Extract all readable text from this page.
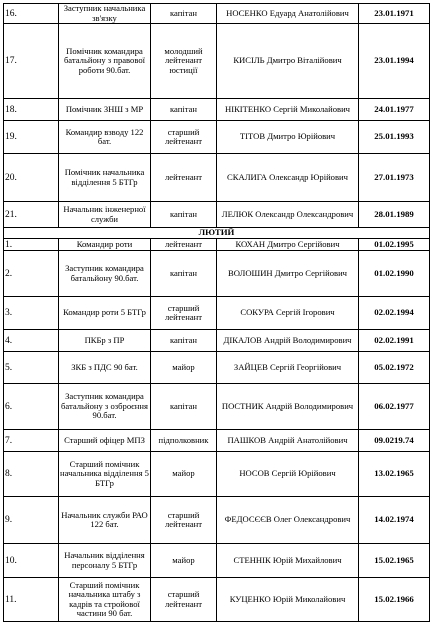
16.	Заступник начальника зв'язку	капітан	НОСЕНКО Едуард Анатолійович	23.01.1971
17.	Помічник командира батальйону з правової роботи 90.бат.	молодший лейтенант юстиції	КИСІЛЬ Дмитро Віталійович	23.01.1994
18.	Помічник ЗНШ з МР	капітан	НІКІТЕНКО Сергій Миколайович	24.01.1977
19.	Командир взводу 122 бат.	старший лейтенант	ТІТОВ Дмитро Юрійович	25.01.1993
20.	Помічник начальника відділення 5 БТГр	лейтенант	СКАЛИГА Олександр Юрійович	27.01.1973
21.	Начальник інженерної служби	капітан	ЛЕЛЮК Олександр Олександрович	28.01.1989
ЛЮТИЙ				
1.	Командир роти	лейтенант	КОХАН Дмитро Сергійович	01.02.1995
2.	Заступник командира батальйону 90.бат.	капітан	ВОЛОШИН Дмитро Сергійович	01.02.1990
3.	Командир роти 5 БТГр	старший лейтенант	СОКУРА Сергій Ігорович	02.02.1994
4.	ПКБр з ПР	капітан	ДІКАЛОВ Андрій Володимирович	02.02.1991
5.	ЗКБ з ПДС 90 бат.	майор	ЗАЙЦЕВ Сергій Георгійович	05.02.1972
6.	Заступник командира батальйону з озброєння 90.бат.	капітан	ПОСТНИК Андрій Володимирович	06.02.1977
7.	Старший офіцер МПЗ	підполковник	ПАШКОВ Андрій Анатолійович	09.0219.74
8.	Старший помічник начальника відділення 5 БТГр	майор	НОСОВ Сергій Юрійович	13.02.1965
9.	Начальник служби РАО 122 бат.	старший лейтенант	ФЕДОСЄЄВ Олег Олександрович	14.02.1974
10.	Начальник відділення персоналу 5 БТГр	майор	СТЕННІК Юрій Михайлович	15.02.1965
11.	Старший помічник начальника штабу з кадрів та стройової частини 90 бат.	старший лейтенант	КУЦЕНКО Юрій Миколайович	15.02.1966
